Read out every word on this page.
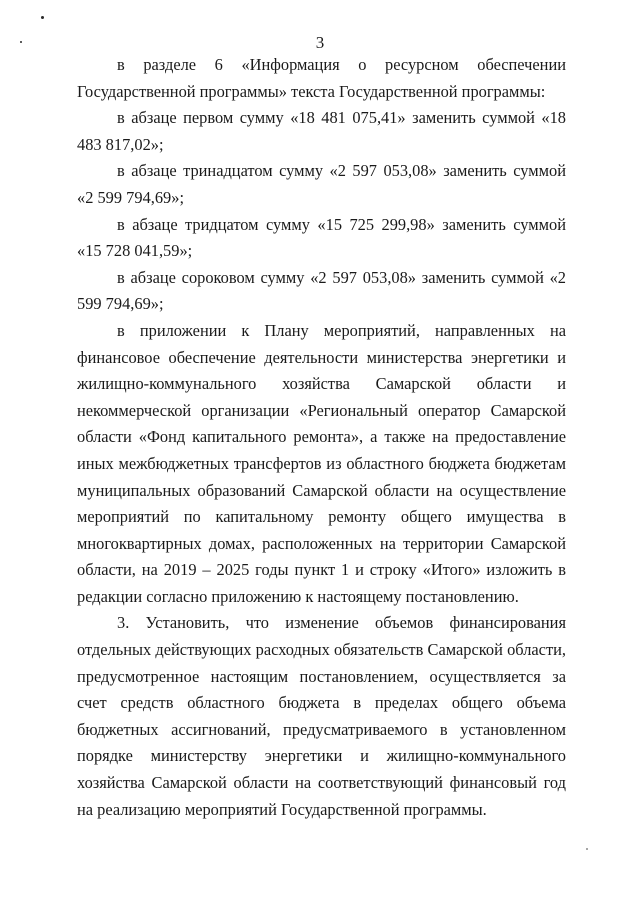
3

в разделе 6 «Информация о ресурсном обеспечении Государственной программы» текста Государственной программы:

в абзаце первом сумму «18 481 075,41» заменить суммой «18 483 817,02»;

в абзаце тринадцатом сумму «2 597 053,08» заменить суммой «2 599 794,69»;

в абзаце тридцатом сумму «15 725 299,98» заменить суммой «15 728 041,59»;

в абзаце сороковом сумму «2 597 053,08» заменить суммой «2 599 794,69»;

в приложении к Плану мероприятий, направленных на финансовое обеспечение деятельности министерства энергетики и жилищно-коммунального хозяйства Самарской области и некоммерческой организации «Региональный оператор Самарской области «Фонд капитального ремонта», а также на предоставление иных межбюджетных трансфертов из областного бюджета бюджетам муниципальных образований Самарской области на осуществление мероприятий по капитальному ремонту общего имущества в многоквартирных домах, расположенных на территории Самарской области, на 2019 – 2025 годы пункт 1 и строку «Итого» изложить в редакции согласно приложению к настоящему постановлению.

3. Установить, что изменение объемов финансирования отдельных действующих расходных обязательств Самарской области, предусмотренное настоящим постановлением, осуществляется за счет средств областного бюджета в пределах общего объема бюджетных ассигнований, предусматриваемого в установленном порядке министерству энергетики и жилищно-коммунального хозяйства Самарской области на соответствующий финансовый год на реализацию мероприятий Государственной программы.
